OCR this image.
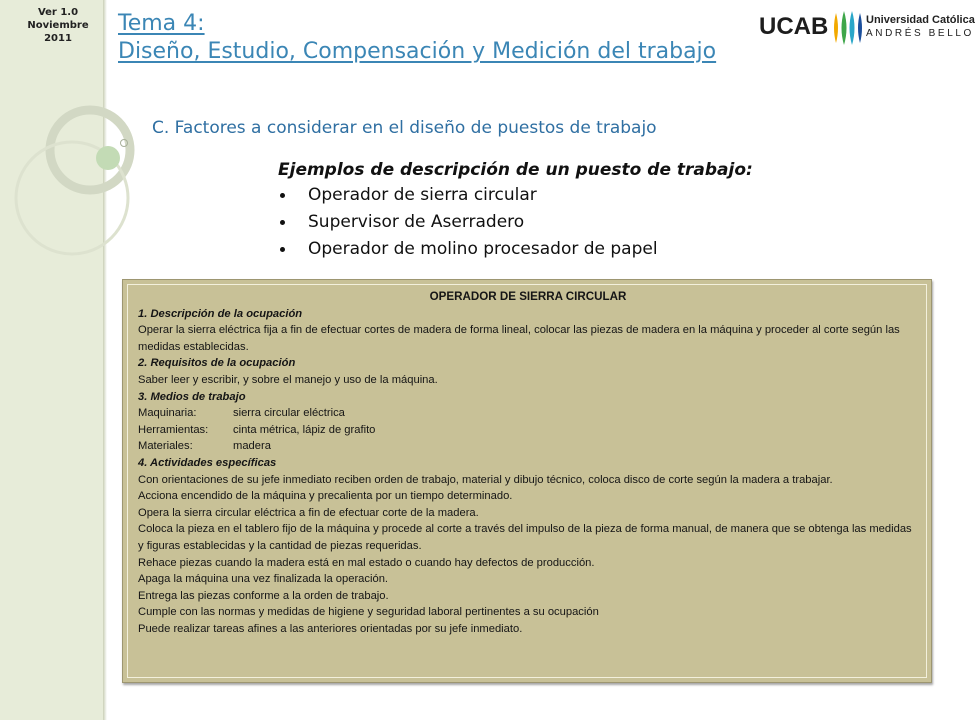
Ver 1.0
Noviembre
2011
Tema 4:
Diseño, Estudio, Compensación y Medición del trabajo
UCAB	Universidad Católica
ANDRÉS BELLO
C. Factores a considerar en el diseño de puestos de trabajo
Ejemplos de descripción de un puesto de trabajo:
Operador de sierra circular
Supervisor de Aserradero
Operador de molino procesador de papel
OPERADOR DE SIERRA CIRCULAR
1. Descripción de la ocupación
Operar la sierra eléctrica fija a fin de efectuar cortes de madera de forma lineal, colocar las piezas de madera en la máquina y proceder al corte según las medidas establecidas.
2. Requisitos de la ocupación
Saber leer y escribir, y sobre el manejo y uso de la máquina.
3. Medios de trabajo
Maquinaria:	sierra circular eléctrica
Herramientas:	cinta métrica, lápiz de grafito
Materiales:	madera
4. Actividades específicas
Con orientaciones de su jefe inmediato reciben orden de trabajo, material y dibujo técnico, coloca disco de corte según la madera a trabajar.
Acciona encendido de la máquina y precalienta por un tiempo determinado.
Opera la sierra circular eléctrica a fin de efectuar corte de la madera.
Coloca la pieza en el tablero fijo de la máquina y procede al corte a través del impulso de la pieza de forma manual, de manera que se obtenga las medidas y figuras establecidas y la cantidad de piezas requeridas.
Rehace piezas cuando la madera está en mal estado o cuando hay defectos de producción.
Apaga la máquina una vez finalizada la operación.
Entrega las piezas conforme a la orden de trabajo.
Cumple con las normas y medidas de higiene y seguridad laboral pertinentes a su ocupación
Puede realizar tareas afines a las anteriores orientadas por su jefe inmediato.
